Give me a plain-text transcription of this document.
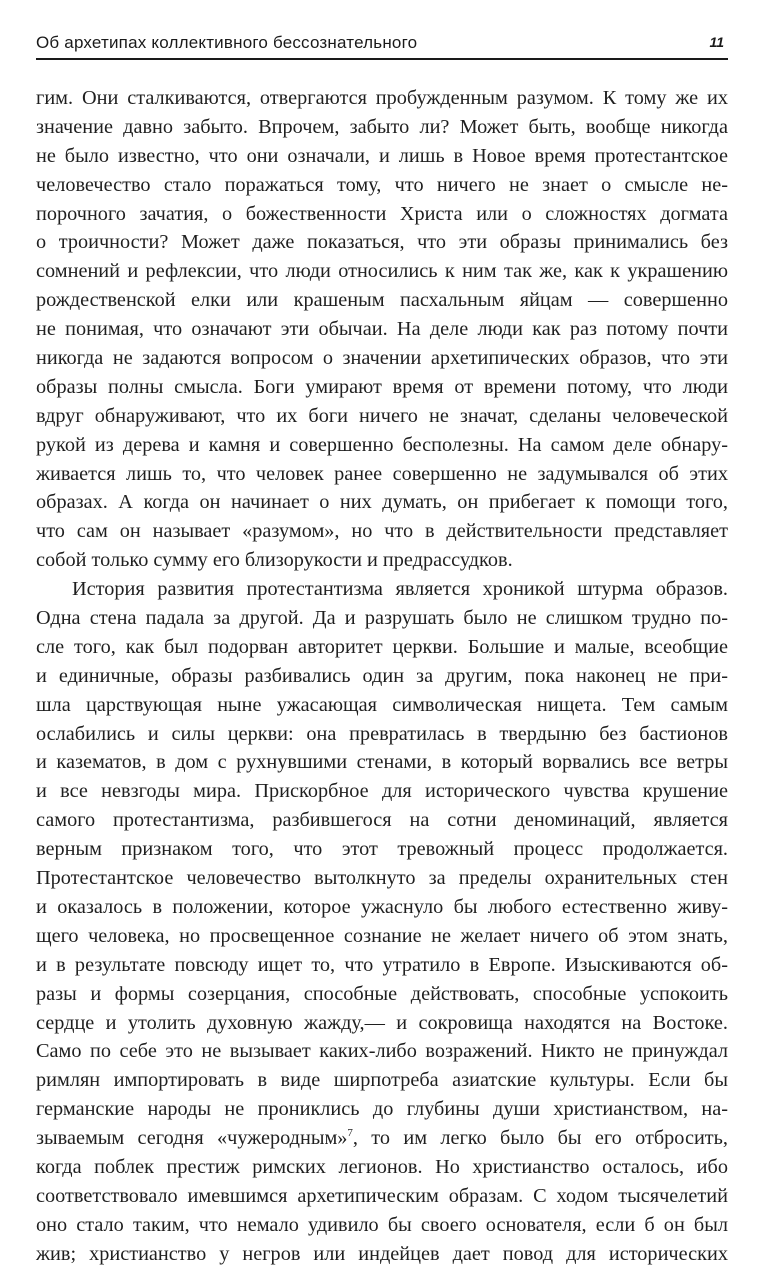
Об архетипах коллективного бессознательного	11
гим. Они сталкиваются, отвергаются пробужденным разумом. К тому же их
значение давно забыто. Впрочем, забыто ли? Может быть, вообще никогда
не было известно, что они означали, и лишь в Новое время протестантское
человечество стало поражаться тому, что ничего не знает о смысле не-
порочного зачатия, о божественности Христа или о сложностях догмата
о троичности? Может даже показаться, что эти образы принимались без
сомнений и рефлексии, что люди относились к ним так же, как к украшению
рождественской елки или крашеным пасхальным яйцам — совершенно
не понимая, что означают эти обычаи. На деле люди как раз потому почти
никогда не задаются вопросом о значении архетипических образов, что эти
образы полны смысла. Боги умирают время от времени потому, что люди
вдруг обнаруживают, что их боги ничего не значат, сделаны человеческой
рукой из дерева и камня и совершенно бесполезны. На самом деле обнару-
живается лишь то, что человек ранее совершенно не задумывался об этих
образах. А когда он начинает о них думать, он прибегает к помощи того,
что сам он называет «разумом», но что в действительности представляет
собой только сумму его близорукости и предрассудков.
История развития протестантизма является хроникой штурма образов.
Одна стена падала за другой. Да и разрушать было не слишком трудно по-
сле того, как был подорван авторитет церкви. Большие и малые, всеобщие
и единичные, образы разбивались один за другим, пока наконец не при-
шла царствующая ныне ужасающая символическая нищета. Тем самым
ослабились и силы церкви: она превратилась в твердыню без бастионов
и казематов, в дом с рухнувшими стенами, в который ворвались все ветры
и все невзгоды мира. Прискорбное для исторического чувства крушение
самого протестантизма, разбившегося на сотни деноминаций, является
верным признаком того, что этот тревожный процесс продолжается.
Протестантское человечество вытолкнуто за пределы охранительных стен
и оказалось в положении, которое ужаснуло бы любого естественно живу-
щего человека, но просвещенное сознание не желает ничего об этом знать,
и в результате повсюду ищет то, что утратило в Европе. Изыскиваются об-
разы и формы созерцания, способные действовать, способные успокоить
сердце и утолить духовную жажду,— и сокровища находятся на Востоке.
Само по себе это не вызывает каких-либо возражений. Никто не принуждал
римлян импортировать в виде ширпотреба азиатские культуры. Если бы
германские народы не прониклись до глубины души христианством, на-
зываемым сегодня «чужеродным»$^7$, то им легко было бы его отбросить,
когда поблек престиж римских легионов. Но христианство осталось, ибо
соответствовало имевшимся архетипическим образам. С ходом тысячелетий
оно стало таким, что немало удивило бы своего основателя, если б он был
жив; христианство у негров или индейцев дает повод для исторических
